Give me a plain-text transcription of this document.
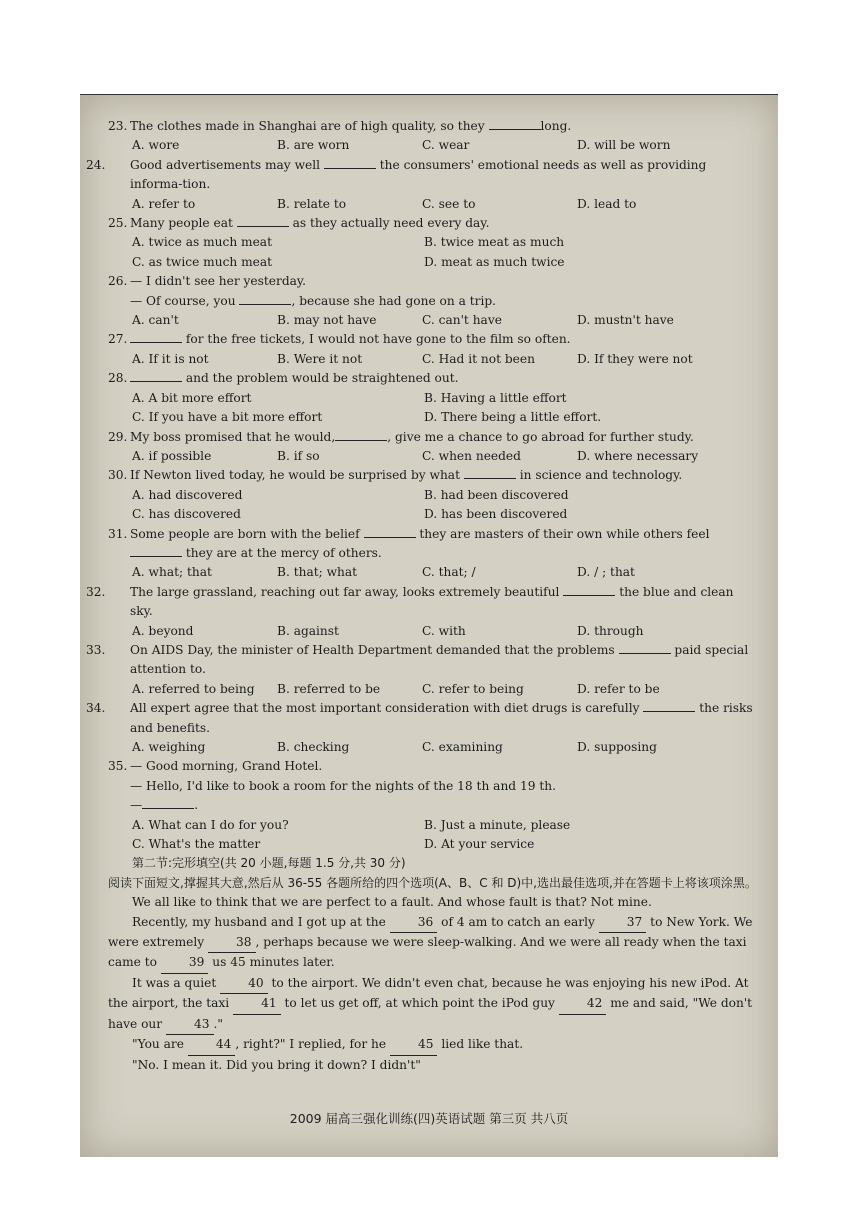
23. The clothes made in Shanghai are of high quality, so they	long.
A. wore	B. are worn	C. wear	D. will be worn
24. Good advertisements may well	the consumers' emotional needs as well as providing informa-tion.
A. refer to	B. relate to	C. see to	D. lead to
25. Many people eat	as they actually need every day.
A. twice as much meat	B. twice meat as much
C. as twice much meat	D. meat as much twice
26. — I didn't see her yesterday.
— Of course, you	, because she had gone on a trip.
A. can't	B. may not have	C. can't have	D. mustn't have
27.	for the free tickets, I would not have gone to the film so often.
A. If it is not	B. Were it not	C. Had it not been	D. If they were not
28.	and the problem would be straightened out.
A. A bit more effort	B. Having a little effort
C. If you have a bit more effort	D. There being a little effort.
29. My boss promised that he would,	, give me a chance to go abroad for further study.
A. if possible	B. if so	C. when needed	D. where necessary
30. If Newton lived today, he would be surprised by what	in science and technology.
A. had discovered	B. had been discovered
C. has discovered	D. has been discovered
31. Some people are born with the belief	they are masters of their own while others feel
they are at the mercy of others.
A. what; that	B. that; what	C. that; /	D. / ; that
32. The large grassland, reaching out far away, looks extremely beautiful	the blue and clean sky.
A. beyond	B. against	C. with	D. through
33. On AIDS Day, the minister of Health Department demanded that the problems	paid special attention to.
A. referred to being	B. referred to be	C. refer to being	D. refer to be
34. All expert agree that the most important consideration with diet drugs is carefully	the risks and benefits.
A. weighing	B. checking	C. examining	D. supposing
35. — Good morning, Grand Hotel.
— Hello, I'd like to book a room for the nights of the 18 th and 19 th.
—	.
A. What can I do for you?	B. Just a minute, please
C. What's the matter	D. At your service
第二节:完形填空(共 20 小题,每题 1.5 分,共 30 分)
阅读下面短文,撑握其大意,然后从 36-55 各题所给的四个选项(A、B、C 和 D)中,选出最佳选项,并在答题卡上将该项涂黑。
We all like to think that we are perfect to a fault. And whose fault is that? Not mine.
Recently, my husband and I got up at the	36 of 4 am to catch an early	37 to New York. We were extremely	38 , perhaps because we were sleep-walking. And we were all ready when the taxi came to	39 us 45 minutes later.
It was a quiet	40 to the airport. We didn't even chat, because he was enjoying his new iPod. At the airport, the taxi	41 to let us get off, at which point the iPod guy	42 me and said, "We don't have our	43 ."
"You are	44 , right?" I replied, for he	45 lied like that.
"No. I mean it. Did you bring it down? I didn't"
2009 届高三强化训练(四)英语试题 第三页 共八页
